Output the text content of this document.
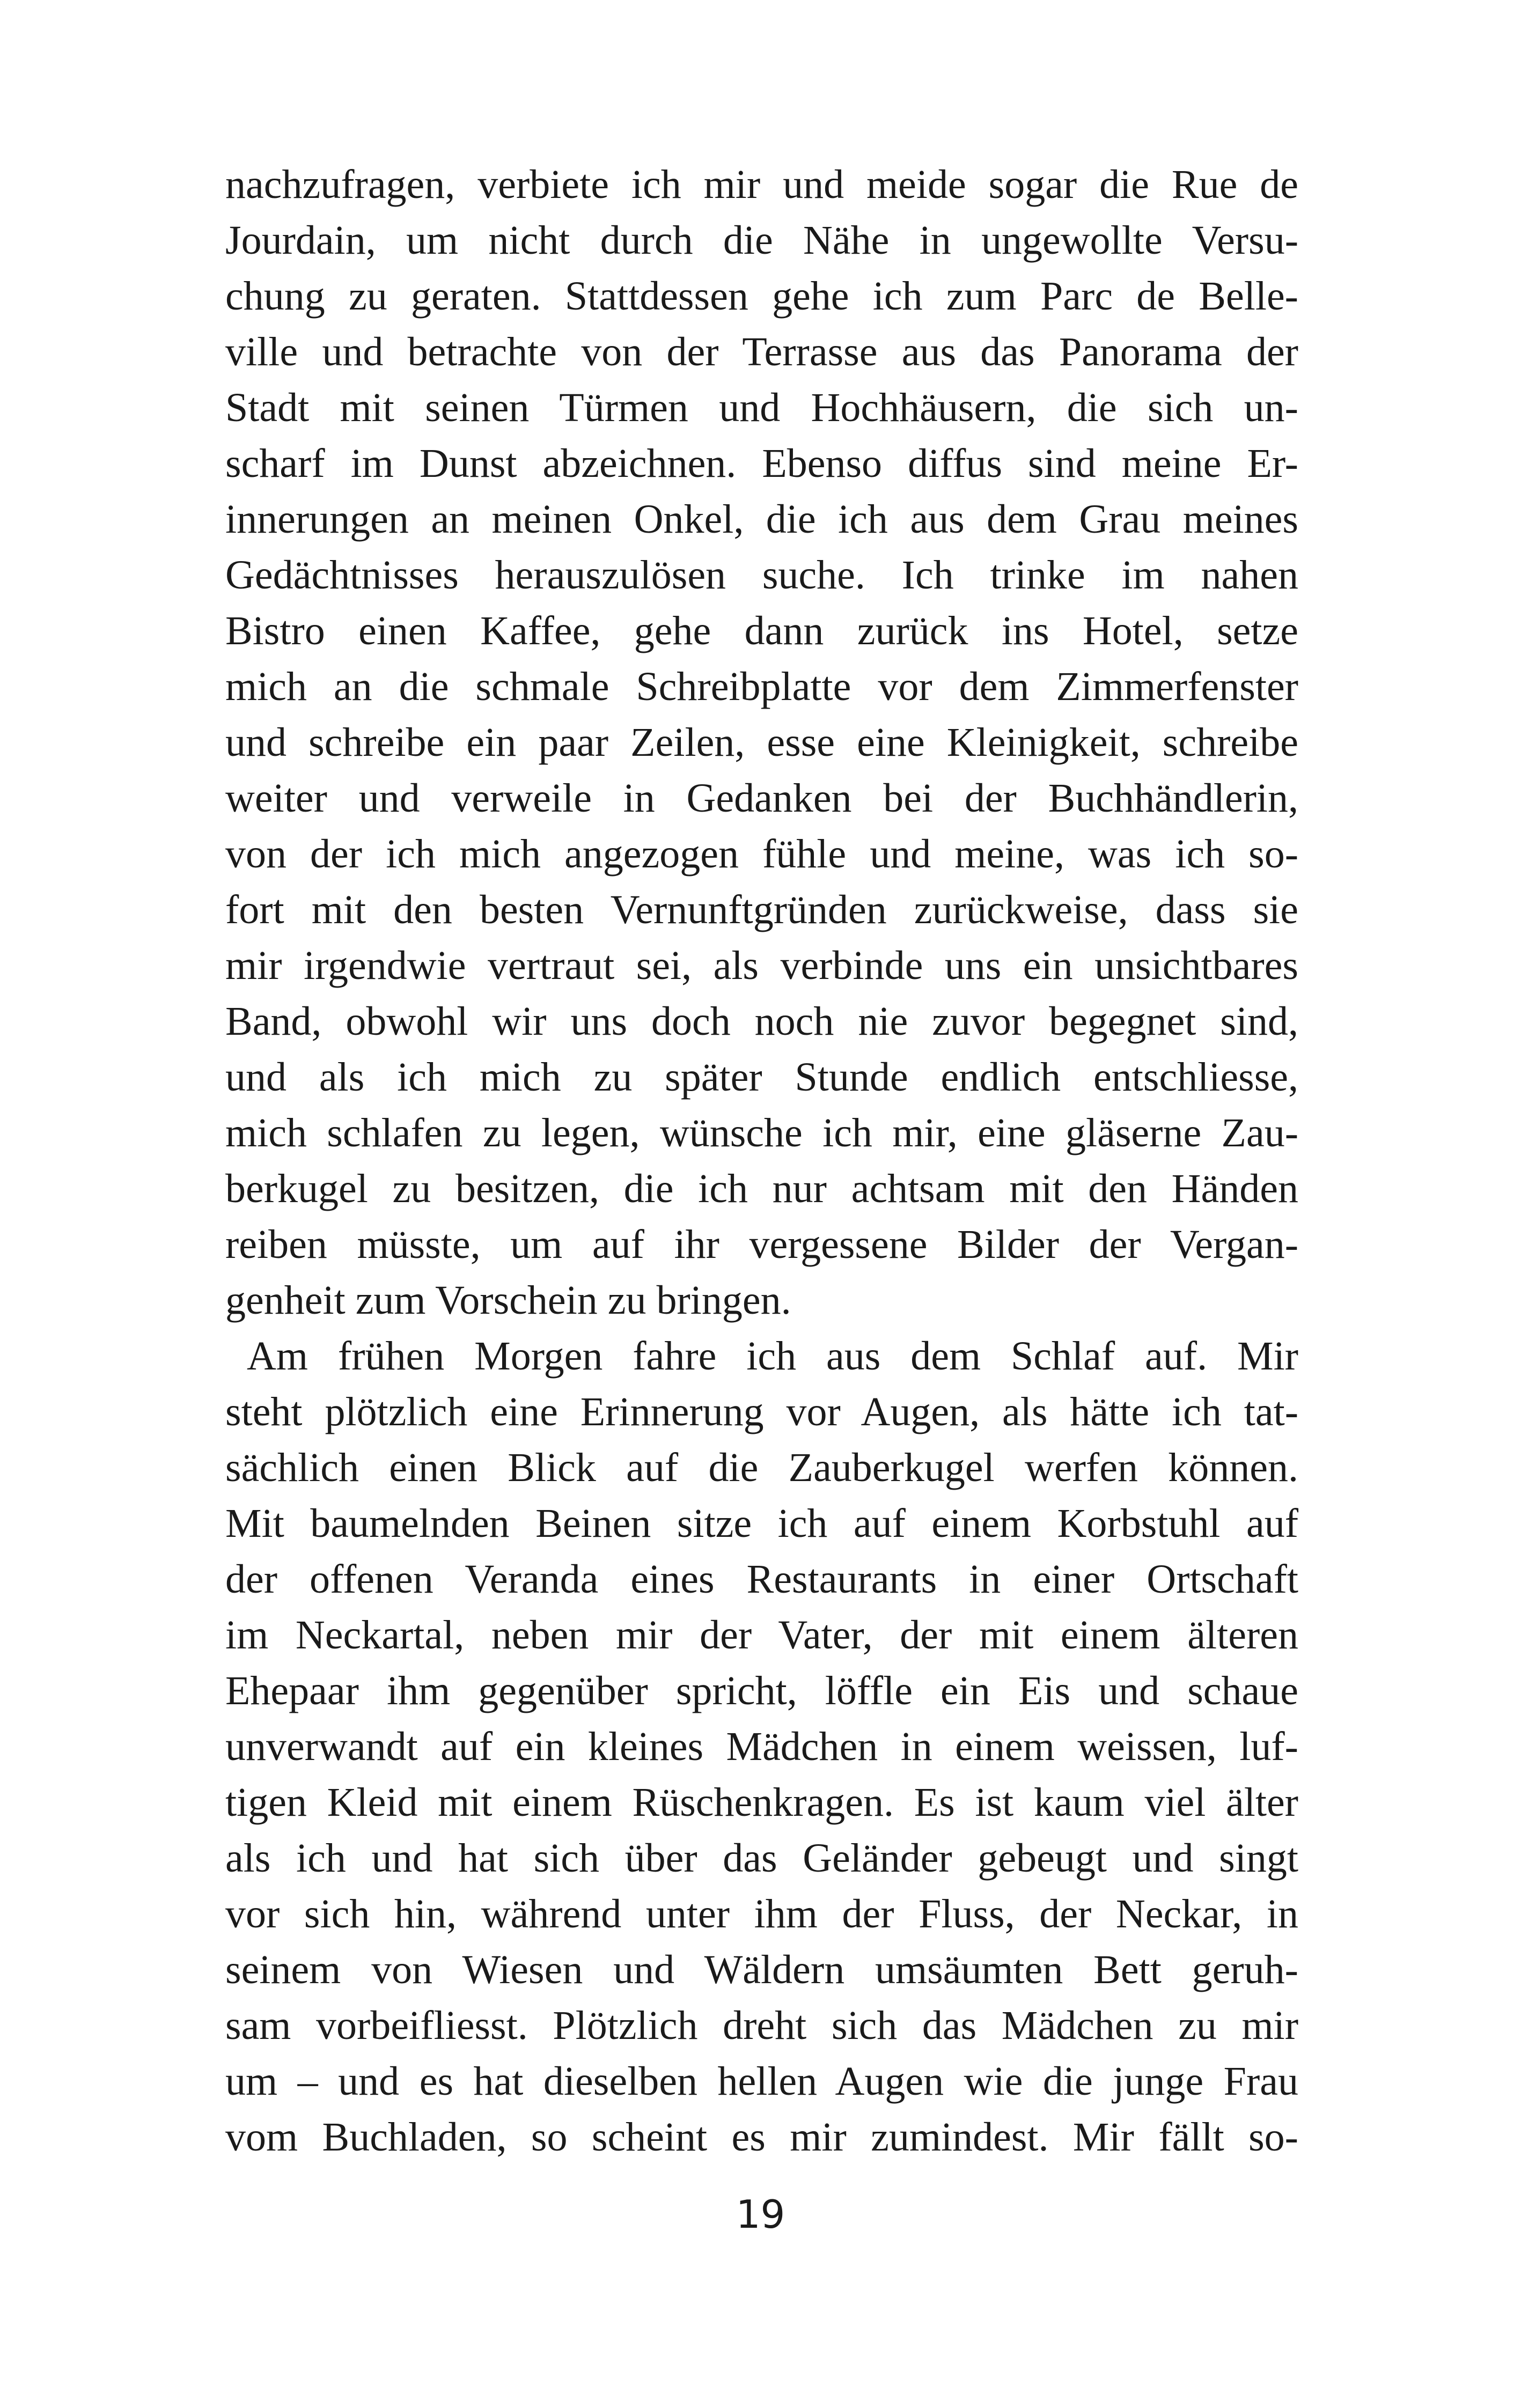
nachzufragen, verbiete ich mir und meide sogar die Rue de
Jourdain, um nicht durch die Nähe in ungewollte Versu-
chung zu geraten. Stattdessen gehe ich zum Parc de Belle-
ville und betrachte von der Terrasse aus das Panorama der
Stadt mit seinen Türmen und Hochhäusern, die sich un-
scharf im Dunst abzeichnen. Ebenso diffus sind meine Er-
innerungen an meinen Onkel, die ich aus dem Grau meines
Gedächtnisses herauszulösen suche. Ich trinke im nahen
Bistro einen Kaffee, gehe dann zurück ins Hotel, setze
mich an die schmale Schreibplatte vor dem Zimmerfenster
und schreibe ein paar Zeilen, esse eine Kleinigkeit, schreibe
weiter und verweile in Gedanken bei der Buchhändlerin,
von der ich mich angezogen fühle und meine, was ich so-
fort mit den besten Vernunftgründen zurückweise, dass sie
mir irgendwie vertraut sei, als verbinde uns ein unsichtbares
Band, obwohl wir uns doch noch nie zuvor begegnet sind,
und als ich mich zu später Stunde endlich entschliesse,
mich schlafen zu legen, wünsche ich mir, eine gläserne Zau-
berkugel zu besitzen, die ich nur achtsam mit den Händen
reiben müsste, um auf ihr vergessene Bilder der Vergan-
genheit zum Vorschein zu bringen.
Am frühen Morgen fahre ich aus dem Schlaf auf. Mir
steht plötzlich eine Erinnerung vor Augen, als hätte ich tat-
sächlich einen Blick auf die Zauberkugel werfen können.
Mit baumelnden Beinen sitze ich auf einem Korbstuhl auf
der offenen Veranda eines Restaurants in einer Ortschaft
im Neckartal, neben mir der Vater, der mit einem älteren
Ehepaar ihm gegenüber spricht, löffle ein Eis und schaue
unverwandt auf ein kleines Mädchen in einem weissen, luf-
tigen Kleid mit einem Rüschenkragen. Es ist kaum viel älter
als ich und hat sich über das Geländer gebeugt und singt
vor sich hin, während unter ihm der Fluss, der Neckar, in
seinem von Wiesen und Wäldern umsäumten Bett geruh-
sam vorbeifliesst. Plötzlich dreht sich das Mädchen zu mir
um – und es hat dieselben hellen Augen wie die junge Frau
vom Buchladen, so scheint es mir zumindest. Mir fällt so-
19
